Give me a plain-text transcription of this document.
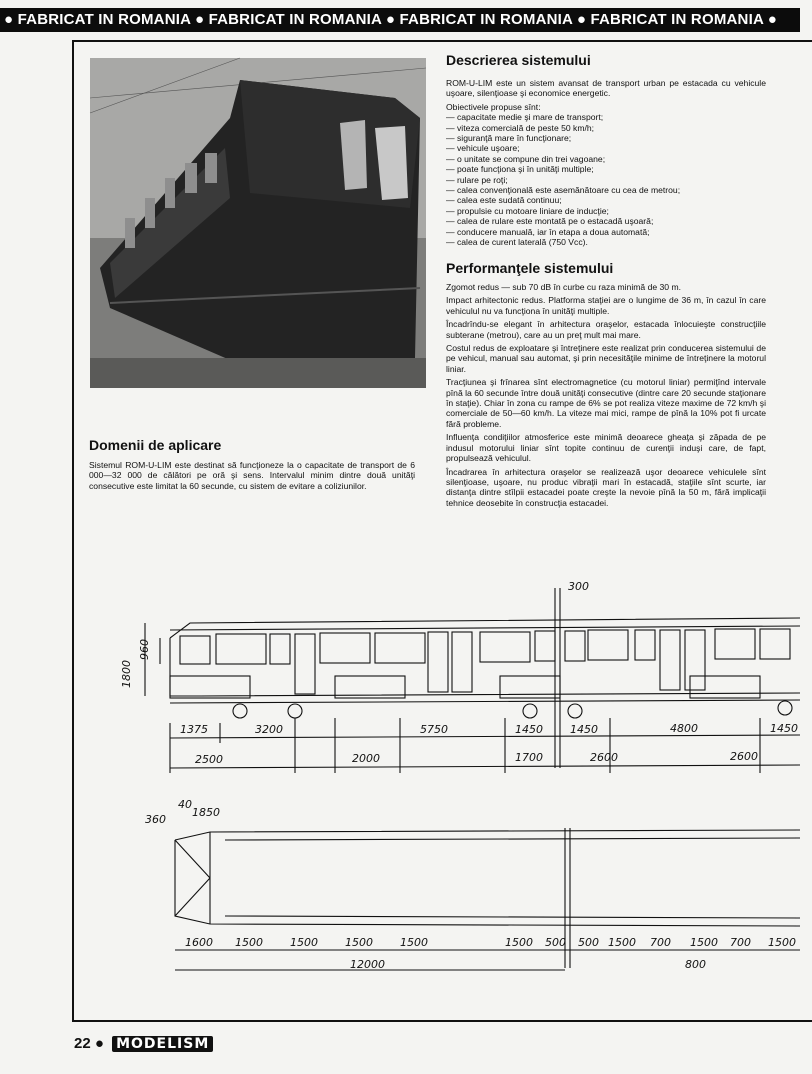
● FABRICAT IN ROMANIA ● FABRICAT IN ROMANIA ● FABRICAT IN ROMANIA ● FABRICAT IN ROMANIA ●
Descrierea sistemului

ROM-U-LIM este un sistem avansat de transport urban pe estacada cu vehicule uşoare, silenţioase şi economice energetic.

Obiectivele propuse sînt:

— capacitate medie şi mare de transport;
— viteza comercială de peste 50 km/h;
— siguranţă mare în funcţionare;
— vehicule uşoare;
— o unitate se compune din trei vagoane;
— poate funcţiona şi în unităţi multiple;
— rulare pe roţi;
— calea convenţională este asemănătoare cu cea de metrou;
— calea este sudată continuu;
— propulsie cu motoare liniare de inducţie;
— calea de rulare este montată pe o estacadă uşoară;
— conducere manuală, iar în etapa a doua automată;
— calea de curent laterală (750 Vcc).
Performanţele sistemului

Zgomot redus — sub 70 dB în curbe cu raza minimă de 30 m.

Impact arhitectonic redus. Platforma staţiei are o lungime de 36 m, în cazul în care vehiculul nu va funcţiona în unităţi multiple.

Încadrîndu-se elegant în arhitectura oraşelor, estacada înlocuieşte construcţiile subterane (metrou), care au un preţ mult mai mare.

Costul redus de exploatare şi întreţinere este realizat prin conducerea sistemului de pe vehicul, manual sau automat, şi prin necesităţile minime de întreţinere la motorul liniar.

Tracţiunea şi frînarea sînt electromagnetice (cu motorul liniar) permiţînd intervale pînă la 60 secunde între două unităţi consecutive (dintre care 20 secunde staţionare în staţie). Chiar în zona cu rampe de 6% se pot realiza viteze maxime de 72 km/h şi comerciale de 50—60 km/h. La viteze mai mici, rampe de pînă la 10% pot fi urcate fără probleme.

Influenţa condiţiilor atmosferice este minimă deoarece gheaţa şi zăpada de pe indusul motorului liniar sînt topite continuu de curenţii induşi care, de fapt, propulsează vehiculul.

Încadrarea în arhitectura oraşelor se realizează uşor deoarece vehiculele sînt silenţioase, uşoare, nu produc vibraţii mari în estacadă, staţiile sînt scurte, iar distanţa dintre stîlpii estacadei poate creşte la nevoie pînă la 50 m, fără implicaţii tehnice deosebite în construcţia estacadei.

Domenii de aplicare

Sistemul ROM-U-LIM este destinat să funcţioneze la o capacitate de transport de 6 000—32 000 de călători pe oră şi sens. Intervalul minim dintre două unităţi consecutive este limitat la 60 secunde, cu sistem de evitare a coliziunilor.

1800
960
300
1375	3200	5750	1450 1450	4800	1450
2500	2000	1700	2600	2600
360
40
1850
1600 1500 1500 1500 1500	1500 500 500 1500 700 1500 700 1500
12000	800
22 ● MODELISM
